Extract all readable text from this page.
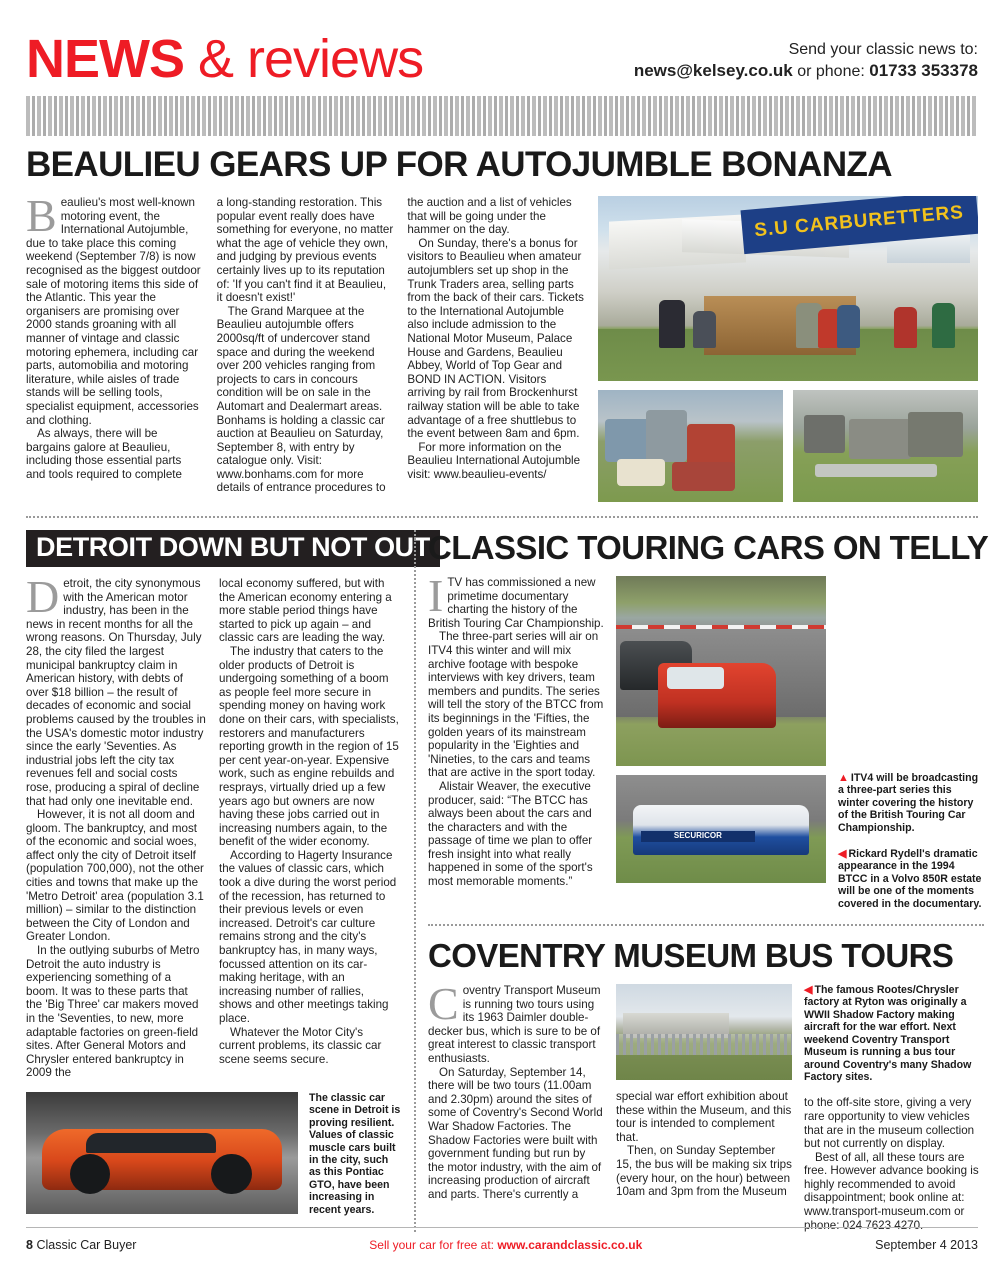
NEWS & reviews	Send your classic news to:
news@kelsey.co.uk or phone: 01733 353378
BEAULIEU GEARS UP FOR AUTOJUMBLE BONANZA

Beaulieu's most well-known motoring event, the International Autojumble, due to take place this coming weekend (September 7/8) is now recognised as the biggest outdoor sale of motoring items this side of the Atlantic. This year the organisers are promising over 2000 stands groaning with all manner of vintage and classic motoring ephemera, including car parts, automobilia and motoring literature, while aisles of trade stands will be selling tools, specialist equipment, accessories and clothing.

As always, there will be bargains galore at Beaulieu, including those essential parts and tools required to complete

a long-standing restoration. This popular event really does have something for everyone, no matter what the age of vehicle they own, and judging by previous events certainly lives up to its reputation of: 'If you can't find it at Beaulieu, it doesn't exist!'

The Grand Marquee at the Beaulieu autojumble offers 2000sq/ft of undercover stand space and during the weekend over 200 vehicles ranging from projects to cars in concours condition will be on sale in the Automart and Dealermart areas. Bonhams is holding a classic car auction at Beaulieu on Saturday, September 8, with entry by catalogue only. Visit: www.bonhams.com for more details of entrance procedures to

the auction and a list of vehicles that will be going under the hammer on the day.

On Sunday, there's a bonus for visitors to Beaulieu when amateur autojumblers set up shop in the Trunk Traders area, selling parts from the back of their cars. Tickets to the International Autojumble also include admission to the National Motor Museum, Palace House and Gardens, Beaulieu Abbey, World of Top Gear and BOND IN ACTION. Visitors arriving by rail from Brockenhurst railway station will be able to take advantage of a free shuttlebus to the event between 8am and 6pm.

For more information on the Beaulieu International Autojumble visit: www.beaulieu-events/

S.U CARBURETTERS
DETROIT DOWN BUT NOT OUT

Detroit, the city synonymous with the American motor industry, has been in the news in recent months for all the wrong reasons. On Thursday, July 28, the city filed the largest municipal bankruptcy claim in American history, with debts of over $18 billion – the result of decades of economic and social problems caused by the troubles in the USA's domestic motor industry since the early 'Seventies. As industrial jobs left the city tax revenues fell and social costs rose, producing a spiral of decline that had only one inevitable end.

However, it is not all doom and gloom. The bankruptcy, and most of the economic and social woes, affect only the city of Detroit itself (population 700,000), not the other cities and towns that make up the 'Metro Detroit' area (population 3.1 million) – similar to the distinction between the City of London and Greater London.

In the outlying suburbs of Metro Detroit the auto industry is experiencing something of a boom. It was to these parts that the 'Big Three' car makers moved in the 'Seventies, to new, more adaptable factories on green-field sites. After General Motors and Chrysler entered bankruptcy in 2009 the

local economy suffered, but with the American economy entering a more stable period things have started to pick up again – and classic cars are leading the way.

The industry that caters to the older products of Detroit is undergoing something of a boom as people feel more secure in spending money on having work done on their cars, with specialists, restorers and manufacturers reporting growth in the region of 15 per cent year-on-year. Expensive work, such as engine rebuilds and resprays, virtually dried up a few years ago but owners are now having these jobs carried out in increasing numbers again, to the benefit of the wider economy.

According to Hagerty Insurance the values of classic cars, which took a dive during the worst period of the recession, has returned to their previous levels or even increased. Detroit's car culture remains strong and the city's bankruptcy has, in many ways, focussed attention on its car-making heritage, with an increasing number of rallies, shows and other meetings taking place.

Whatever the Motor City's current problems, its classic car scene seems secure.

The classic car scene in Detroit is proving resilient. Values of classic muscle cars built in the city, such as this Pontiac GTO, have been increasing in recent years.
CLASSIC TOURING CARS ON TELLY

ITV has commissioned a new primetime documentary charting the history of the British Touring Car Championship.

The three-part series will air on ITV4 this winter and will mix archive footage with bespoke interviews with key drivers, team members and pundits. The series will tell the story of the BTCC from its beginnings in the 'Fifties, the golden years of its mainstream popularity in the 'Eighties and 'Nineties, to the cars and teams that are active in the sport today.

Alistair Weaver, the executive producer, said: “The BTCC has always been about the cars and the characters and with the passage of time we plan to offer fresh insight into what really happened in some of the sport's most memorable moments.”

SECURICOR
▲ ITV4 will be broadcasting a three-part series this winter covering the history of the British Touring Car Championship.
◀ Rickard Rydell's dramatic appearance in the 1994 BTCC in a Volvo 850R estate will be one of the moments covered in the documentary.
COVENTRY MUSEUM BUS TOURS

Coventry Transport Museum is running two tours using its 1963 Daimler double-decker bus, which is sure to be of great interest to classic transport enthusiasts.

On Saturday, September 14, there will be two tours (11.00am and 2.30pm) around the sites of some of Coventry's Second World War Shadow Factories. The Shadow Factories were built with government funding but run by the motor industry, with the aim of increasing production of aircraft and parts. There's currently a

special war effort exhibition about these within the Museum, and this tour is intended to complement that.

Then, on Sunday September 15, the bus will be making six trips (every hour, on the hour) between 10am and 3pm from the Museum

◀ The famous Rootes/Chrysler factory at Ryton was originally a WWII Shadow Factory making aircraft for the war effort. Next weekend Coventry Transport Museum is running a bus tour around Coventry's many Shadow Factory sites.

to the off-site store, giving a very rare opportunity to view vehicles that are in the museum collection but not currently on display.

Best of all, all these tours are free. However advance booking is highly recommended to avoid disappointment; book online at: www.transport-museum.com or phone: 024 7623 4270.

8 Classic Car Buyer	Sell your car for free at: www.carandclassic.co.uk	September 4 2013
